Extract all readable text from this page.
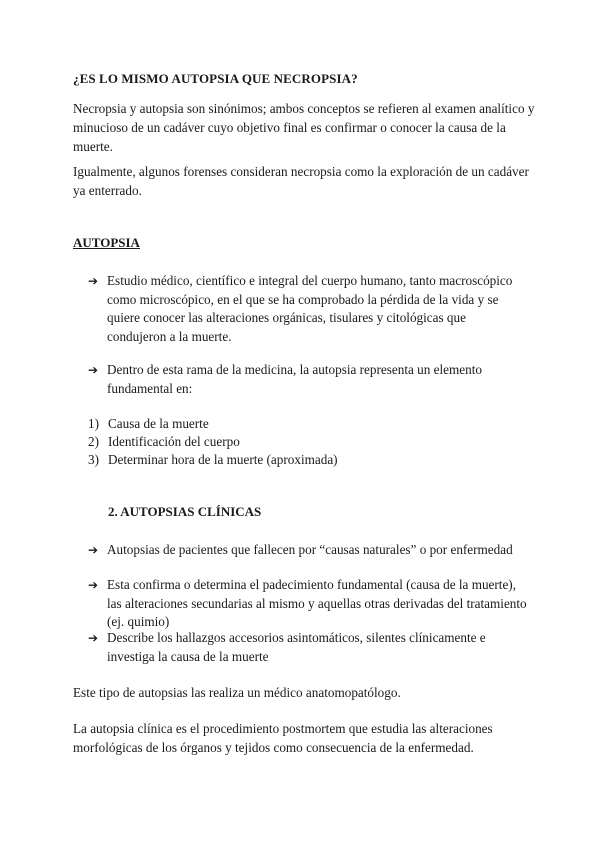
¿ES LO MISMO AUTOPSIA QUE NECROPSIA?
Necropsia y autopsia son sinónimos; ambos conceptos se refieren al examen analítico y minucioso de un cadáver cuyo objetivo final es confirmar o conocer la causa de la muerte.
Igualmente, algunos forenses consideran necropsia como la exploración de un cadáver ya enterrado.
AUTOPSIA
➔ Estudio médico, científico e integral del cuerpo humano, tanto macroscópico como microscópico, en el que se ha comprobado la pérdida de la vida y se quiere conocer las alteraciones orgánicas, tisulares y citológicas que condujeron a la muerte.
➔ Dentro de esta rama de la medicina, la autopsia representa un elemento fundamental en:
1) Causa de la muerte
2) Identificación del cuerpo
3) Determinar hora de la muerte (aproximada)
2. AUTOPSIAS CLÍNICAS
➔ Autopsias de pacientes que fallecen por “causas naturales” o por enfermedad
➔ Esta confirma o determina el padecimiento fundamental (causa de la muerte), las alteraciones secundarias al mismo y aquellas otras derivadas del tratamiento (ej. quimio)
➔ Describe los hallazgos accesorios asintomáticos, silentes clínicamente e investiga la causa de la muerte
Este tipo de autopsias las realiza un médico anatomopatólogo.
La autopsia clínica es el procedimiento postmortem que estudia las alteraciones morfológicas de los órganos y tejidos como consecuencia de la enfermedad.
